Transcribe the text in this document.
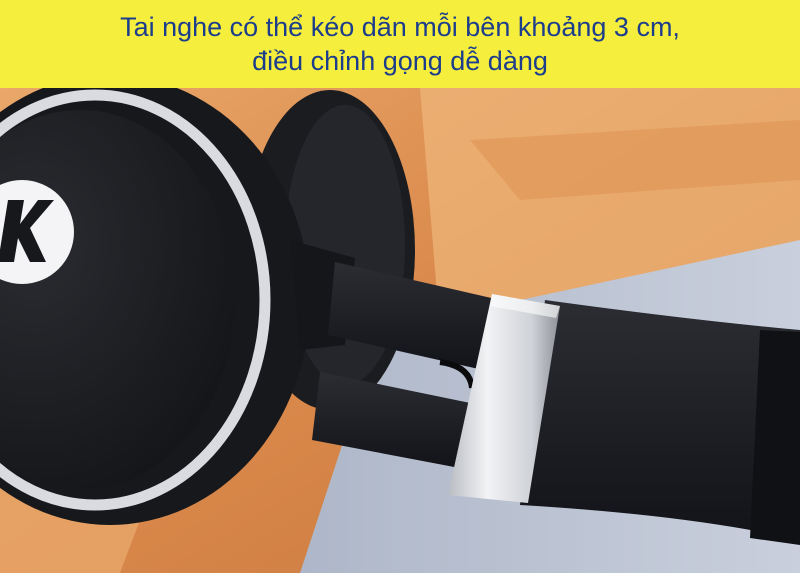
Tai nghe có thể kéo dãn mỗi bên khoảng 3 cm,
điều chỉnh gọng dễ dàng
